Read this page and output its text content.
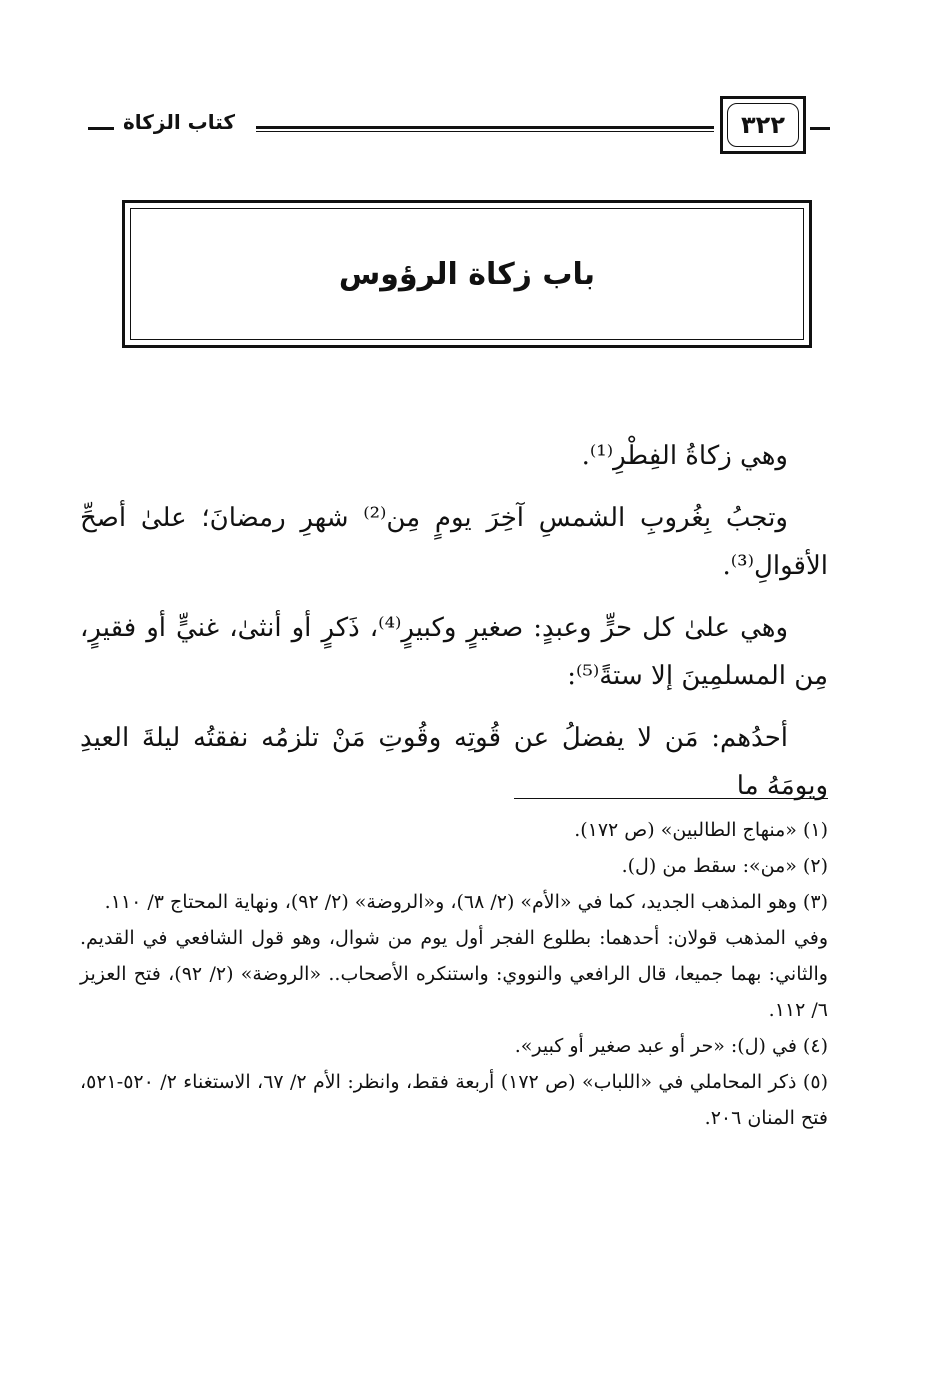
كتاب الزكاة	٣٢٢
باب زكاة الرؤوس

وهي زكاةُ الفِطْرِ⁽¹⁾.

وتجبُ بِغُروبِ الشمسِ آخِرَ يومٍ مِن⁽²⁾ شهرِ رمضانَ؛ علىٰ أصحِّ الأقوالِ⁽³⁾.

وهي علىٰ كل حرٍّ وعبدٍ: صغيرٍ وكبيرٍ⁽⁴⁾، ذَكرٍ أو أنثىٰ، غنيٍّ أو فقيرٍ، مِن المسلمِينَ إلا ستةً⁽⁵⁾:

أحدُهم: مَن لا يفضلُ عن قُوتِه وقُوتِ مَنْ تلزمُه نفقتُه ليلةَ العيدِ ويومَهُ ما

(١) «منهاج الطالبين» (ص ١٧٢).

(٢) «من»: سقط من (ل).

(٣) وهو المذهب الجديد، كما في «الأم» (٢/ ٦٨)، و«الروضة» (٢/ ٩٢)، ونهاية المحتاج ٣/ ١١٠.

وفي المذهب قولان: أحدهما: بطلوع الفجر أول يوم من شوال، وهو قول الشافعي في القديم. والثاني: بهما جميعا، قال الرافعي والنووي: واستنكره الأصحاب.. «الروضة» (٢/ ٩٢)، فتح العزيز ٦/ ١١٢.

(٤) في (ل): «حر أو عبد صغير أو كبير».

(٥) ذكر المحاملي في «اللباب» (ص ١٧٢) أربعة فقط، وانظر: الأم ٢/ ٦٧، الاستغناء ٢/ ٥٢٠-٥٢١، فتح المنان ٢٠٦.
